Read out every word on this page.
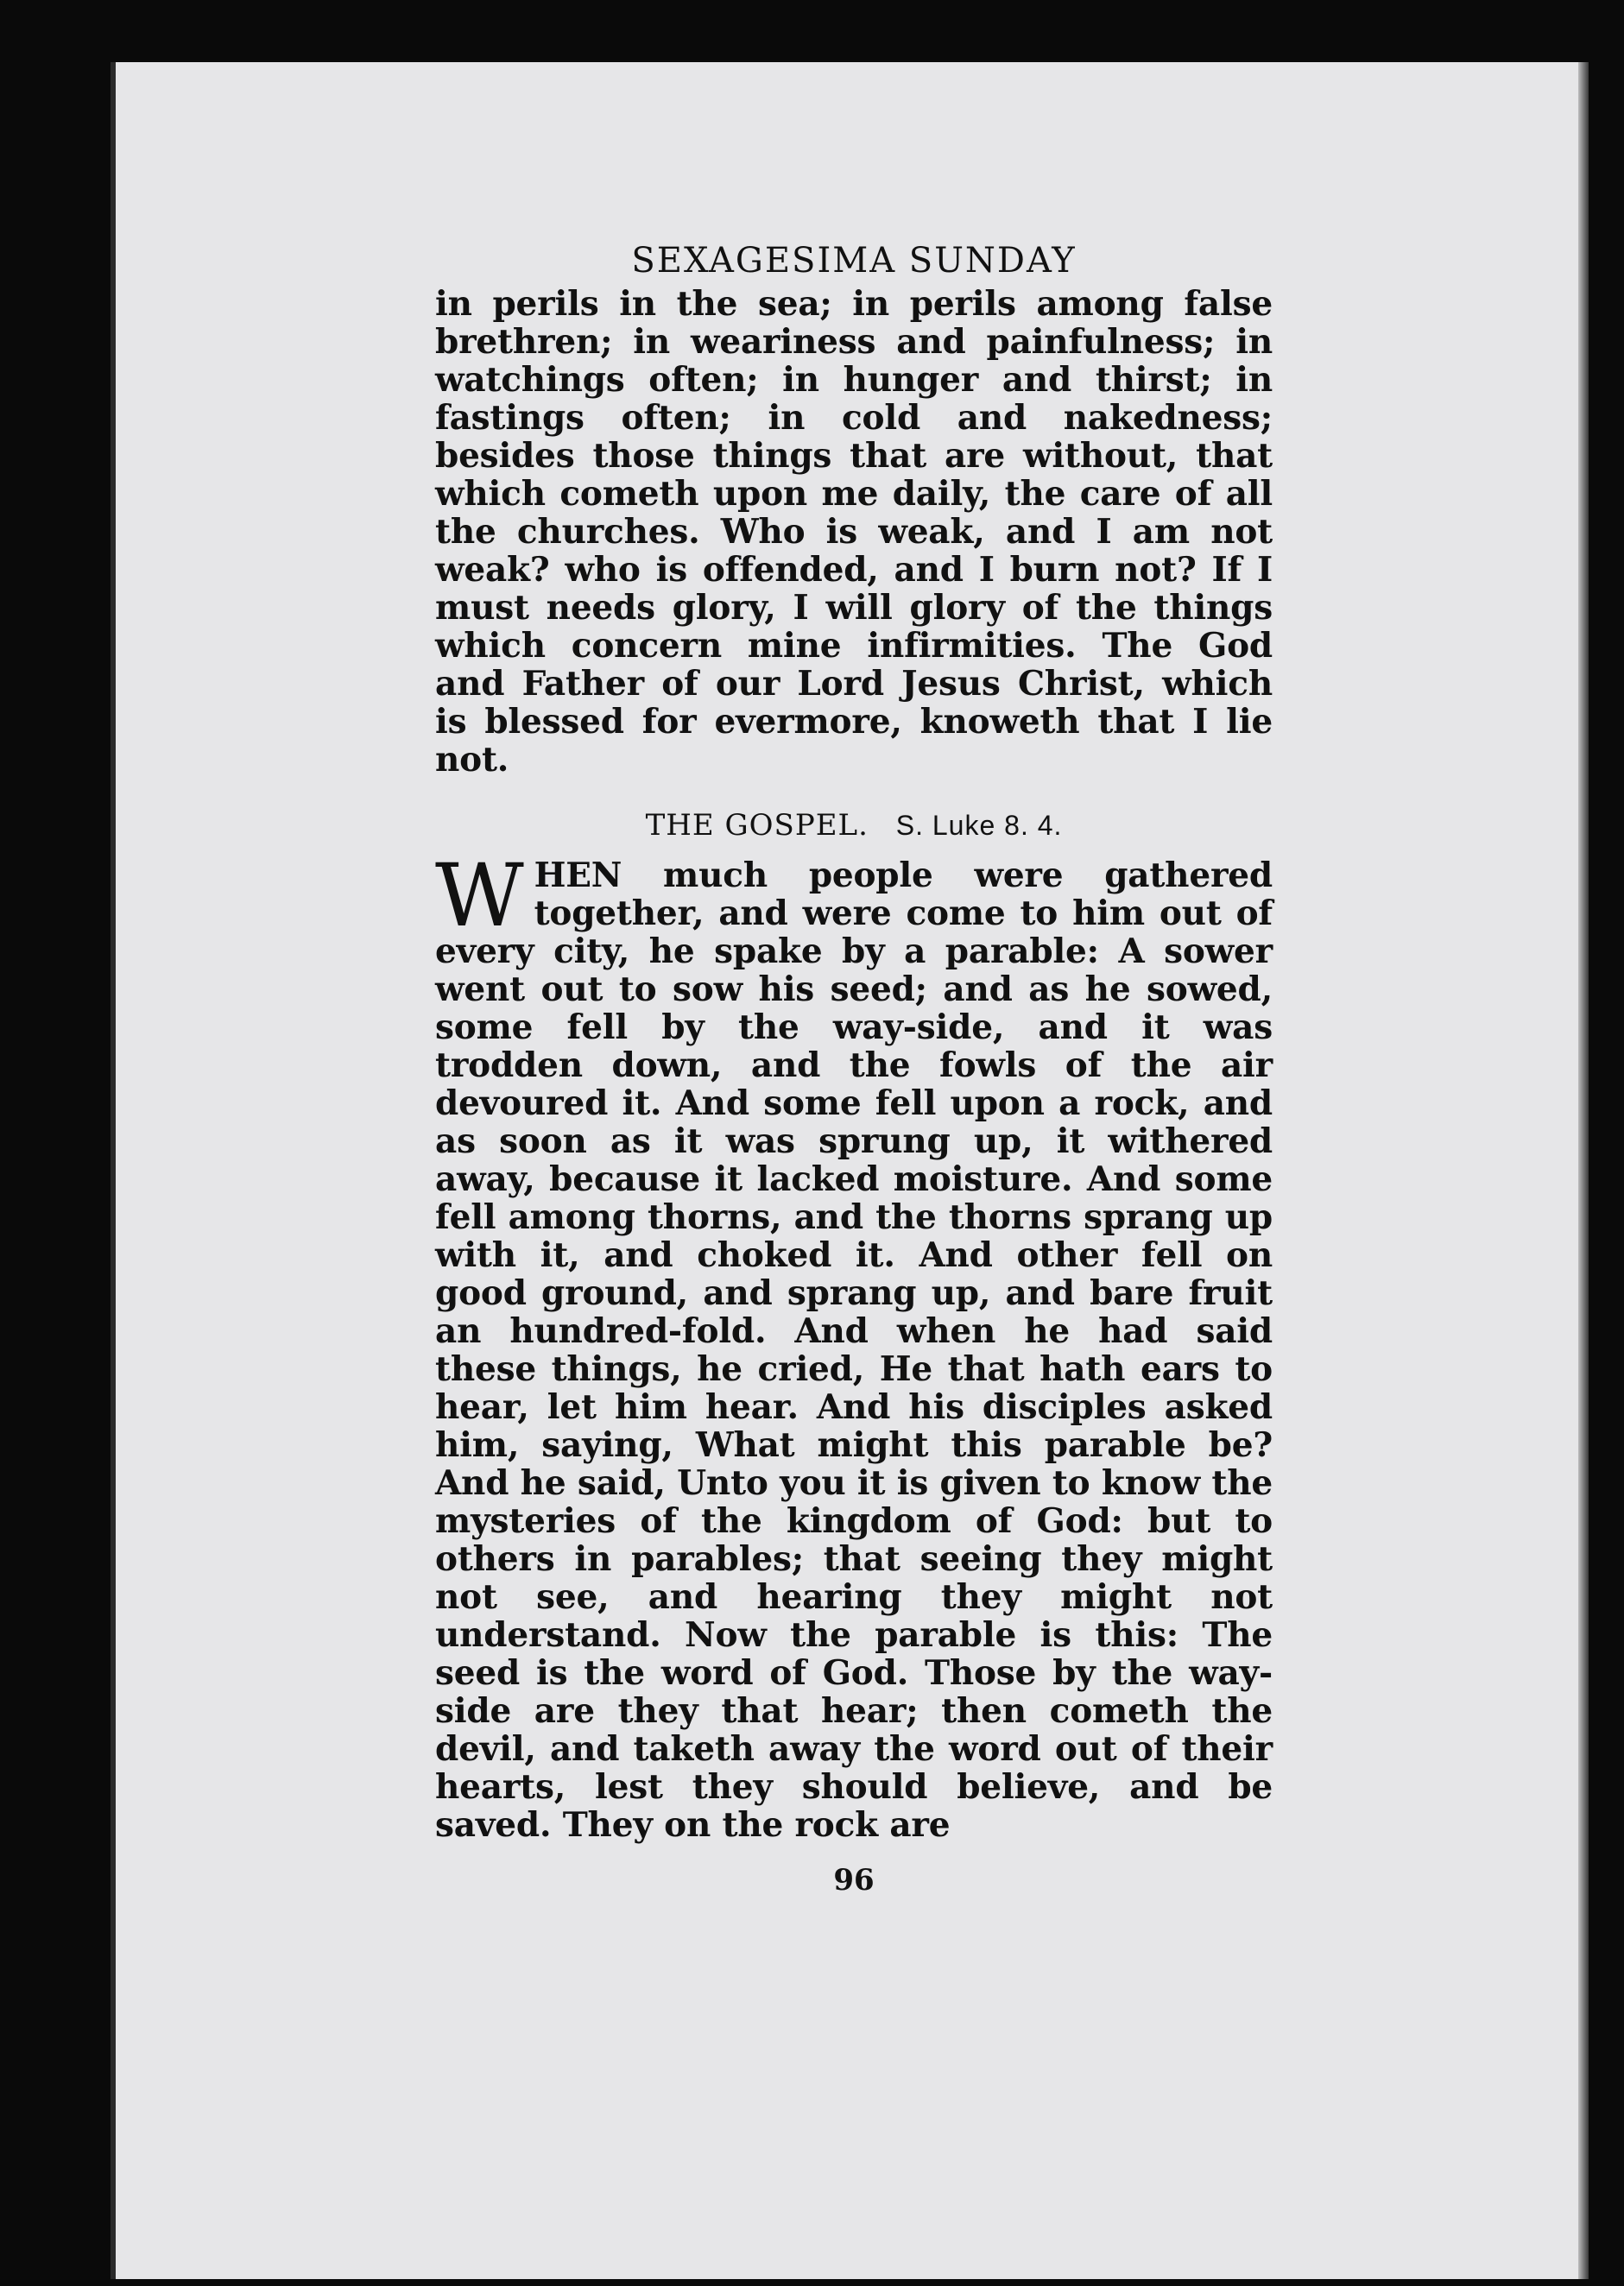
SEXAGESIMA SUNDAY

in perils in the sea; in perils among false brethren; in weariness and painfulness; in watchings often; in hunger and thirst; in fastings often; in cold and nakedness; besides those things that are without, that which cometh upon me daily, the care of all the churches. Who is weak, and I am not weak? who is offended, and I burn not? If I must needs glory, I will glory of the things which concern mine infirmities. The God and Father of our Lord Jesus Christ, which is blessed for evermore, knoweth that I lie not.

THE GOSPEL. S. Luke 8. 4.

W HEN much people were gathered together, and were come to him out of every city, he spake by a parable: A sower went out to sow his seed; and as he sowed, some fell by the way-side, and it was trodden down, and the fowls of the air devoured it. And some fell upon a rock, and as soon as it was sprung up, it withered away, because it lacked moisture. And some fell among thorns, and the thorns sprang up with it, and choked it. And other fell on good ground, and sprang up, and bare fruit an hundred-fold. And when he had said these things, he cried, He that hath ears to hear, let him hear. And his disciples asked him, saying, What might this parable be? And he said, Unto you it is given to know the mysteries of the kingdom of God: but to others in parables; that seeing they might not see, and hearing they might not understand. Now the parable is this: The seed is the word of God. Those by the way-side are they that hear; then cometh the devil, and taketh away the word out of their hearts, lest they should believe, and be saved. They on the rock are

96
